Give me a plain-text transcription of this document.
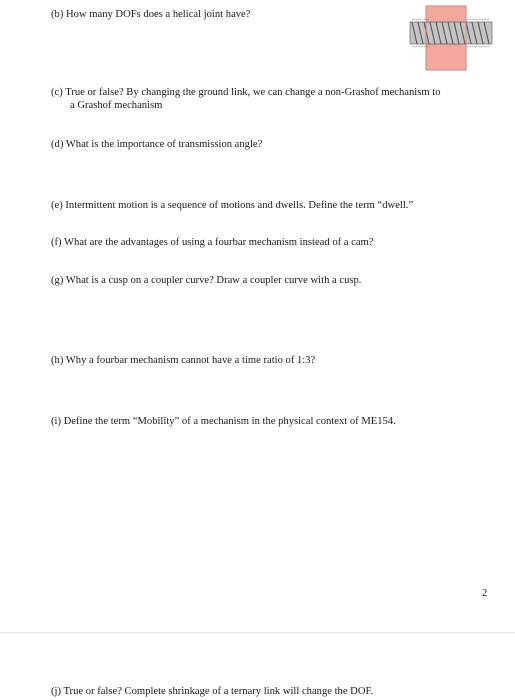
(b) How many DOFs does a helical joint have?

(c) True or false? By changing the ground link, we can change a non-Grashof mechanism to
a Grashof mechanism

(d) What is the importance of transmission angle?

(e) Intermittent motion is a sequence of motions and dwells. Define the term “dwell.”

(f) What are the advantages of using a fourbar mechanism instead of a cam?

(g) What is a cusp on a coupler curve? Draw a coupler curve with a cusp.

(h) Why a fourbar mechanism cannot have a time ratio of 1:3?

(i) Define the term “Mobility” of a mechanism in the physical context of ME154.

2

(j) True or false? Complete shrinkage of a ternary link will change the DOF.
